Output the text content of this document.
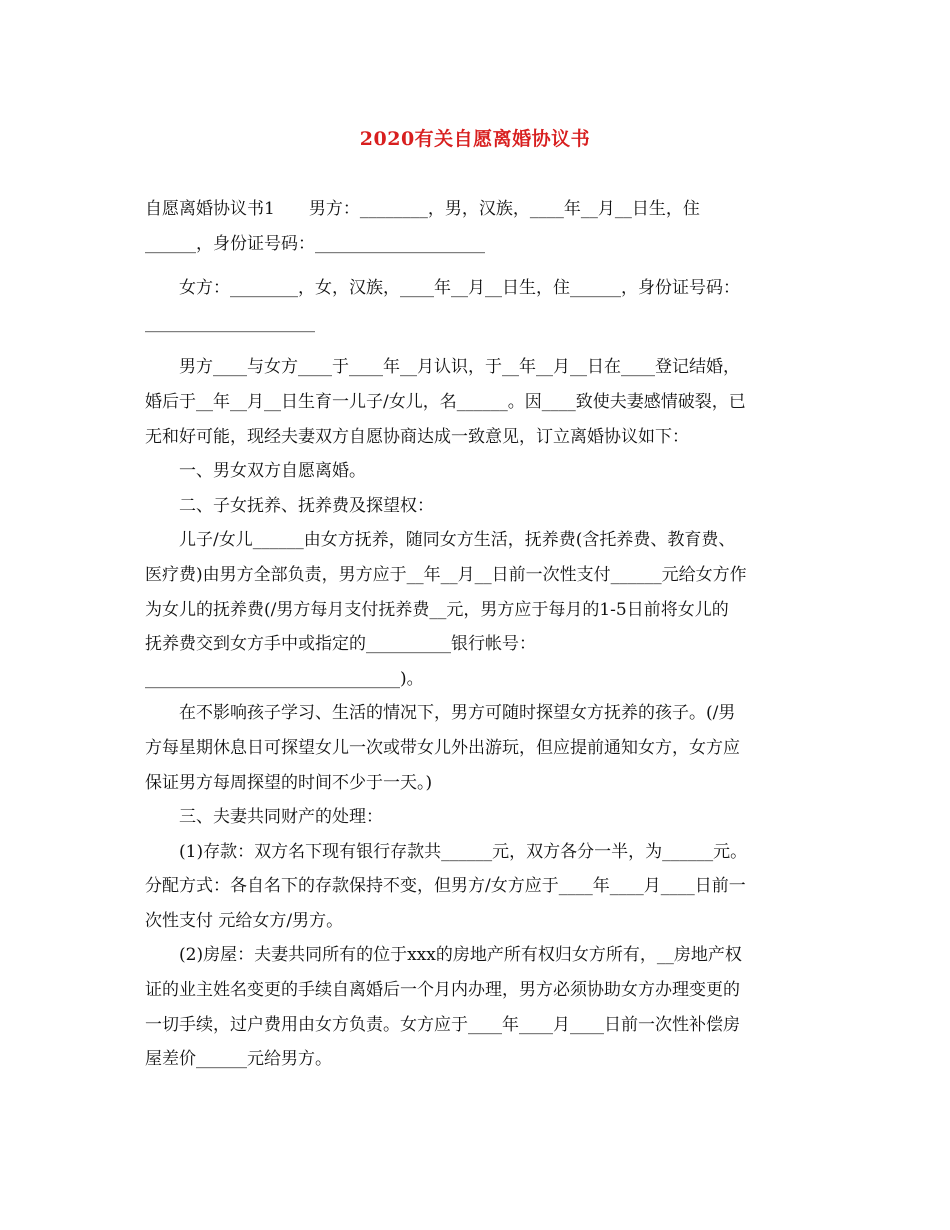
2020有关自愿离婚协议书
自愿离婚协议书1　　男方：________，男，汉族，____年__月__日生，住
______，身份证号码：____________________
　　女方：________，女，汉族，____年__月__日生，住______，身份证号码：
____________________
　　男方____与女方____于____年__月认识，于__年__月__日在____登记结婚，
婚后于__年__月__日生育一儿子/女儿，名______。因____致使夫妻感情破裂，已
无和好可能，现经夫妻双方自愿协商达成一致意见，订立离婚协议如下：
　　一、男女双方自愿离婚。
　　二、子女抚养、抚养费及探望权：
　　儿子/女儿______由女方抚养，随同女方生活，抚养费(含托养费、教育费、
医疗费)由男方全部负责，男方应于__年__月__日前一次性支付______元给女方作
为女儿的抚养费(/男方每月支付抚养费__元，男方应于每月的1-5日前将女儿的
抚养费交到女方手中或指定的__________银行帐号：
______________________________)。
　　在不影响孩子学习、生活的情况下，男方可随时探望女方抚养的孩子。(/男
方每星期休息日可探望女儿一次或带女儿外出游玩，但应提前通知女方，女方应
保证男方每周探望的时间不少于一天。)
　　三、夫妻共同财产的处理：
　　(1)存款：双方名下现有银行存款共______元，双方各分一半，为______元。
分配方式：各自名下的存款保持不变，但男方/女方应于____年____月____日前一
次性支付 元给女方/男方。
　　(2)房屋：夫妻共同所有的位于xxx的房地产所有权归女方所有，__房地产权
证的业主姓名变更的手续自离婚后一个月内办理，男方必须协助女方办理变更的
一切手续，过户费用由女方负责。女方应于____年____月____日前一次性补偿房
屋差价______元给男方。
